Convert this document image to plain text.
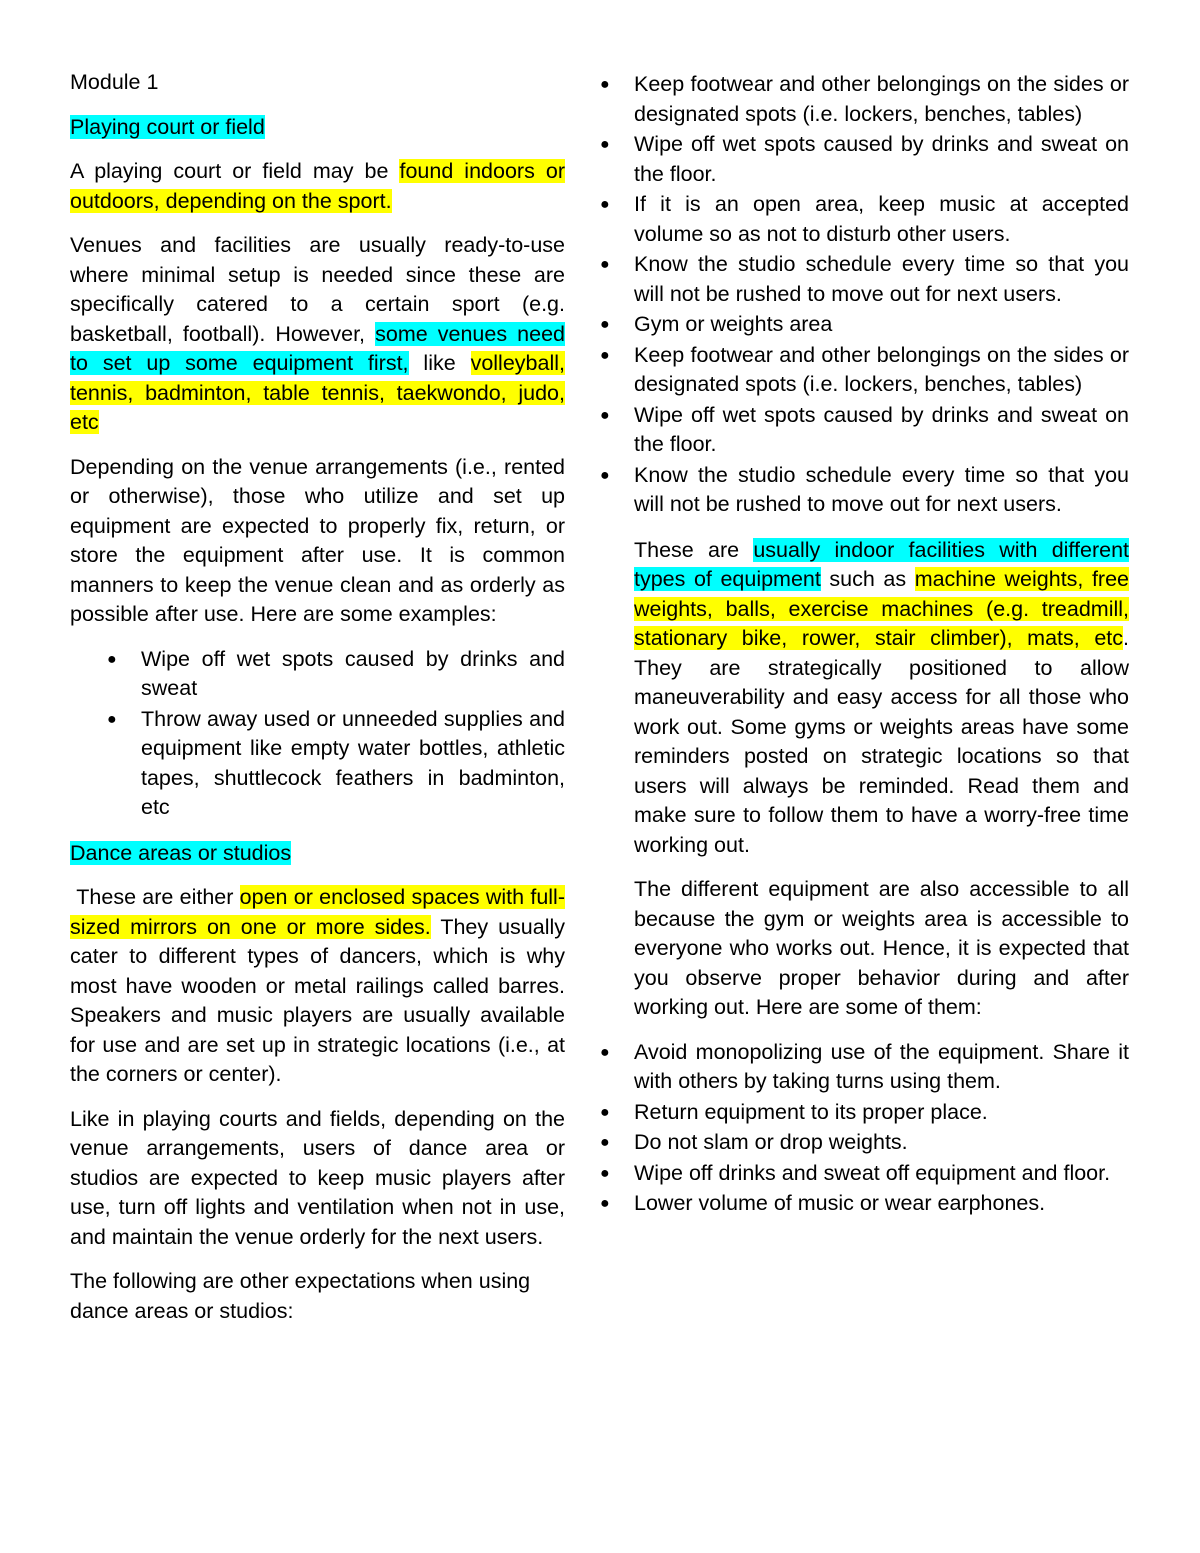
Module 1

Playing court or field

A playing court or field may be found indoors or outdoors, depending on the sport.

Venues and facilities are usually ready-to-use where minimal setup is needed since these are specifically catered to a certain sport (e.g. basketball, football). However, some venues need to set up some equipment first, like volleyball, tennis, badminton, table tennis, taekwondo, judo, etc

Depending on the venue arrangements (i.e., rented or otherwise), those who utilize and set up equipment are expected to properly fix, return, or store the equipment after use. It is common manners to keep the venue clean and as orderly as possible after use. Here are some examples:

● Wipe off wet spots caused by drinks and sweat
● Throw away used or unneeded supplies and equipment like empty water bottles, athletic tapes, shuttlecock feathers in badminton, etc

Dance areas or studios

These are either open or enclosed spaces with full-sized mirrors on one or more sides. They usually cater to different types of dancers, which is why most have wooden or metal railings called barres. Speakers and music players are usually available for use and are set up in strategic locations (i.e., at the corners or center).

Like in playing courts and fields, depending on the venue arrangements, users of dance area or studios are expected to keep music players after use, turn off lights and ventilation when not in use, and maintain the venue orderly for the next users.

The following are other expectations when using dance areas or studios:

● Keep footwear and other belongings on the sides or designated spots (i.e. lockers, benches, tables)
● Wipe off wet spots caused by drinks and sweat on the floor.
● If it is an open area, keep music at accepted volume so as not to disturb other users.
● Know the studio schedule every time so that you will not be rushed to move out for next users.
● Gym or weights area
● Keep footwear and other belongings on the sides or designated spots (i.e. lockers, benches, tables)
● Wipe off wet spots caused by drinks and sweat on the floor.
● Know the studio schedule every time so that you will not be rushed to move out for next users.

These are usually indoor facilities with different types of equipment such as machine weights, free weights, balls, exercise machines (e.g. treadmill, stationary bike, rower, stair climber), mats, etc. They are strategically positioned to allow maneuverability and easy access for all those who work out. Some gyms or weights areas have some reminders posted on strategic locations so that users will always be reminded. Read them and make sure to follow them to have a worry-free time working out.

The different equipment are also accessible to all because the gym or weights area is accessible to everyone who works out. Hence, it is expected that you observe proper behavior during and after working out. Here are some of them:

● Avoid monopolizing use of the equipment. Share it with others by taking turns using them.
● Return equipment to its proper place.
● Do not slam or drop weights.
● Wipe off drinks and sweat off equipment and floor.
● Lower volume of music or wear earphones.
